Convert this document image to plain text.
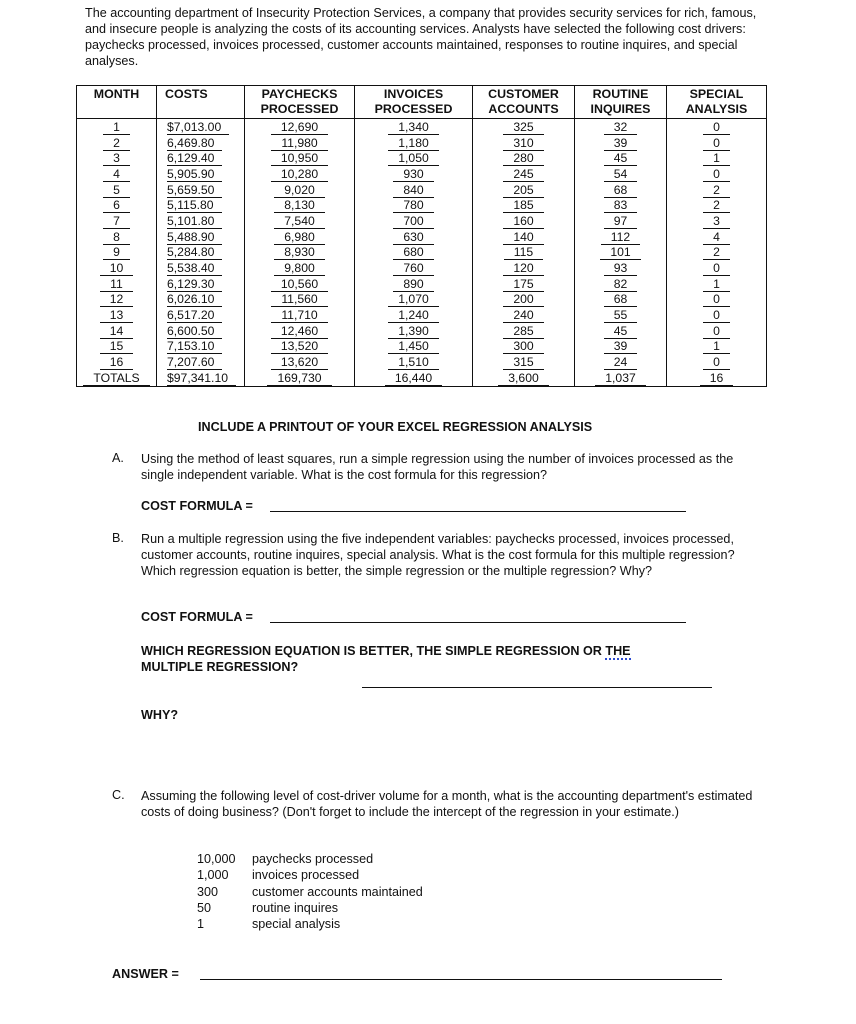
The accounting department of Insecurity Protection Services, a company that provides security services for rich, famous, and insecure people is analyzing the costs of its accounting services. Analysts have selected the following cost drivers: paychecks processed, invoices processed, customer accounts maintained, responses to routine inquires, and special analyses.
MONTH	COSTS	PAYCHECKS PROCESSED	INVOICES PROCESSED	CUSTOMER ACCOUNTS	ROUTINE INQUIRES	SPECIAL ANALYSIS
1	$7,013.00	12,690	1,340	325	32	0
2	6,469.80	11,980	1,180	310	39	0
3	6,129.40	10,950	1,050	280	45	1
4	5,905.90	10,280	930	245	54	0
5	5,659.50	9,020	840	205	68	2
6	5,115.80	8,130	780	185	83	2
7	5,101.80	7,540	700	160	97	3
8	5,488.90	6,980	630	140	112	4
9	5,284.80	8,930	680	115	101	2
10	5,538.40	9,800	760	120	93	0
11	6,129.30	10,560	890	175	82	1
12	6,026.10	11,560	1,070	200	68	0
13	6,517.20	11,710	1,240	240	55	0
14	6,600.50	12,460	1,390	285	45	0
15	7,153.10	13,520	1,450	300	39	1
16	7,207.60	13,620	1,510	315	24	0
TOTALS	$97,341.10	169,730	16,440	3,600	1,037	16
INCLUDE A PRINTOUT OF YOUR EXCEL REGRESSION ANALYSIS
A. Using the method of least squares, run a simple regression using the number of invoices processed as the single independent variable. What is the cost formula for this regression?
COST FORMULA =
B. Run a multiple regression using the five independent variables: paychecks processed, invoices processed, customer accounts, routine inquires, special analysis. What is the cost formula for this multiple regression? Which regression equation is better, the simple regression or the multiple regression? Why?
COST FORMULA =
WHICH REGRESSION EQUATION IS BETTER, THE SIMPLE REGRESSION OR THE
MULTIPLE REGRESSION?
WHY?
C. Assuming the following level of cost-driver volume for a month, what is the accounting department's estimated costs of doing business? (Don't forget to include the intercept of the regression in your estimate.)
10,000	paychecks processed
1,000	invoices processed
300	customer accounts maintained
50	routine inquires
1	special analysis
ANSWER =
